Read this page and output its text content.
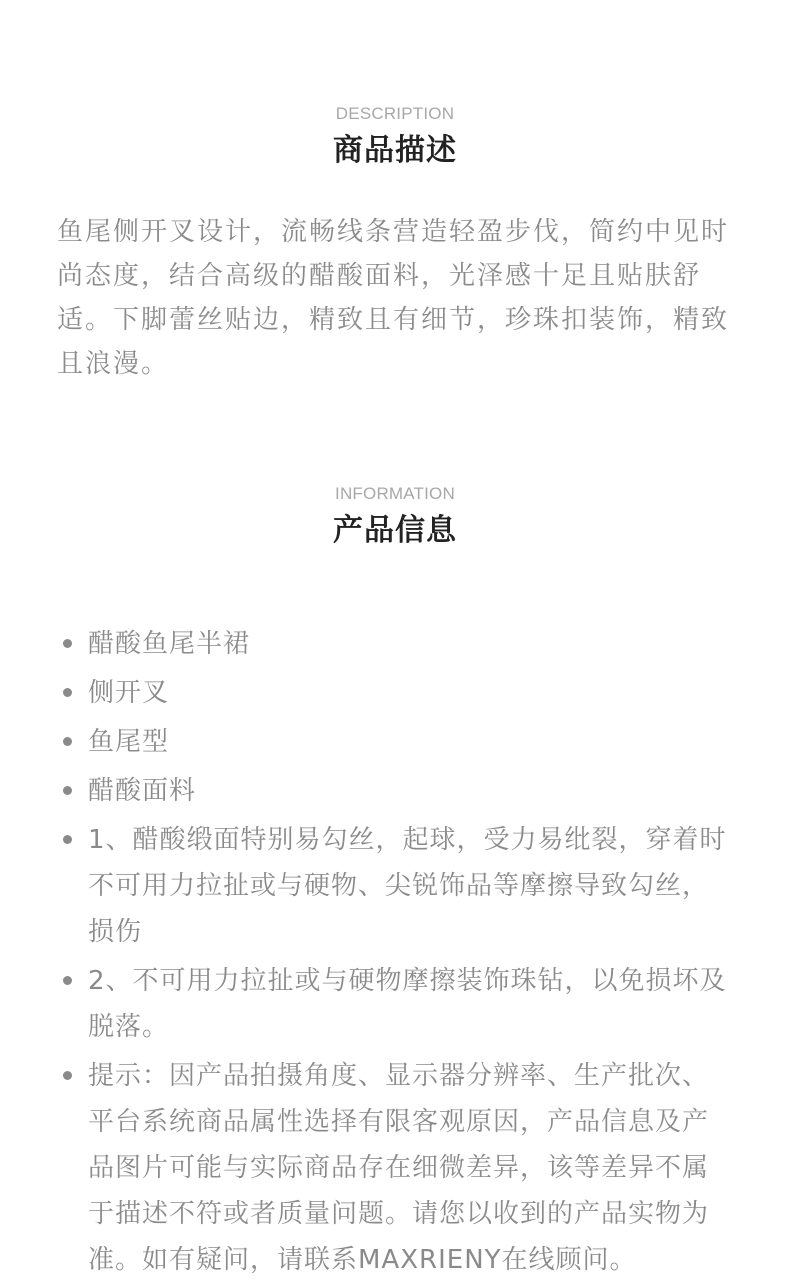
DESCRIPTION
商品描述
鱼尾侧开叉设计，流畅线条营造轻盈步伐，简约中见时尚态度，结合高级的醋酸面料，光泽感十足且贴肤舒适。下脚蕾丝贴边，精致且有细节，珍珠扣装饰，精致且浪漫。
INFORMATION
产品信息
醋酸鱼尾半裙
侧开叉
鱼尾型
醋酸面料
1、醋酸缎面特别易勾丝，起球，受力易纰裂，穿着时不可用力拉扯或与硬物、尖锐饰品等摩擦导致勾丝，损伤
2、不可用力拉扯或与硬物摩擦装饰珠钻，以免损坏及脱落。
提示：因产品拍摄角度、显示器分辨率、生产批次、平台系统商品属性选择有限客观原因，产品信息及产品图片可能与实际商品存在细微差异，该等差异不属于描述不符或者质量问题。请您以收到的产品实物为准。如有疑问，请联系MAXRIENY在线顾问。
